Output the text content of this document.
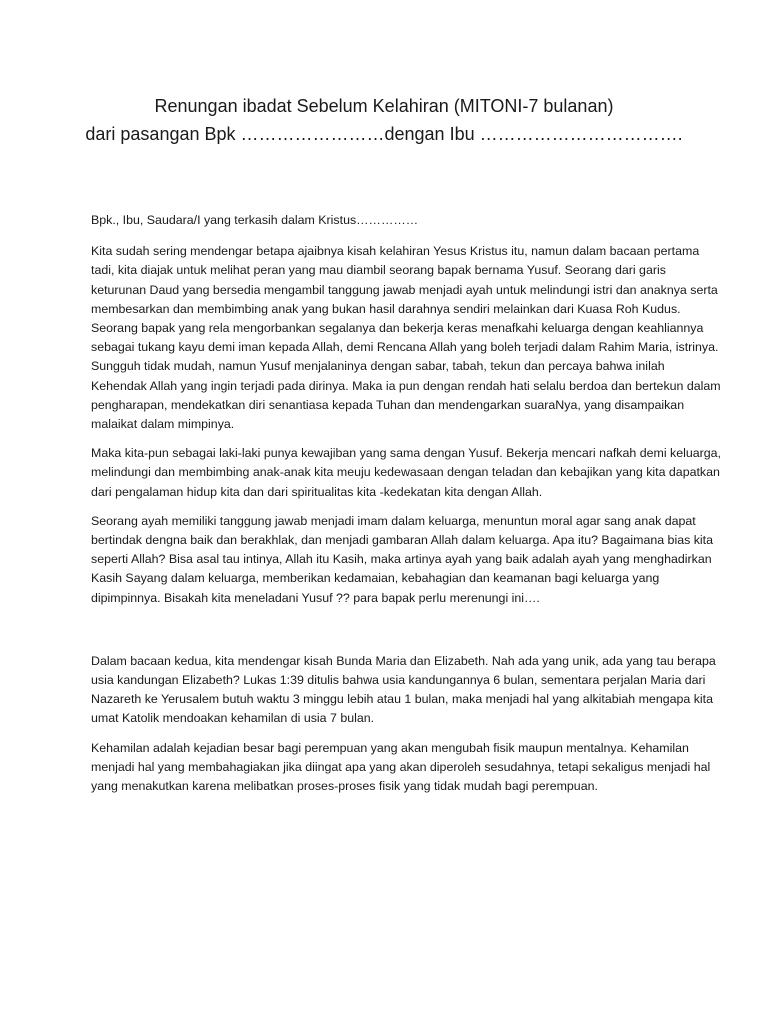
Renungan ibadat Sebelum Kelahiran (MITONI-7 bulanan)
dari pasangan Bpk ……………………dengan Ibu …………………………….

Bpk., Ibu, Saudara/I yang terkasih dalam Kristus……………

Kita sudah sering mendengar betapa ajaibnya kisah kelahiran Yesus Kristus itu, namun dalam bacaan pertama tadi, kita diajak untuk melihat peran yang mau diambil seorang bapak bernama Yusuf. Seorang dari garis keturunan Daud yang bersedia mengambil tanggung jawab menjadi ayah untuk melindungi istri dan anaknya serta membesarkan dan membimbing anak yang bukan hasil darahnya sendiri melainkan dari Kuasa Roh Kudus. Seorang bapak yang rela mengorbankan segalanya dan bekerja keras menafkahi keluarga dengan keahliannya sebagai tukang kayu demi iman kepada Allah, demi Rencana Allah yang boleh terjadi dalam Rahim Maria, istrinya. Sungguh tidak mudah, namun Yusuf menjalaninya dengan sabar, tabah, tekun dan percaya bahwa inilah Kehendak Allah yang ingin terjadi pada dirinya. Maka ia pun dengan rendah hati selalu berdoa dan bertekun dalam pengharapan, mendekatkan diri senantiasa kepada Tuhan dan mendengarkan suaraNya, yang disampaikan malaikat dalam mimpinya.

Maka kita-pun sebagai laki-laki punya kewajiban yang sama dengan Yusuf. Bekerja mencari nafkah demi keluarga, melindungi dan membimbing anak-anak kita meuju kedewasaan dengan teladan dan kebajikan yang kita dapatkan dari pengalaman hidup kita dan dari spiritualitas kita -kedekatan kita dengan Allah.

Seorang ayah memiliki tanggung jawab menjadi imam dalam keluarga, menuntun moral agar sang anak dapat bertindak dengna baik dan berakhlak, dan menjadi gambaran Allah dalam keluarga. Apa itu? Bagaimana bias kita seperti Allah? Bisa asal tau intinya, Allah itu Kasih, maka artinya ayah yang baik adalah ayah yang menghadirkan Kasih Sayang dalam keluarga, memberikan kedamaian, kebahagian dan keamanan bagi keluarga yang dipimpinnya. Bisakah kita meneladani Yusuf ?? para bapak perlu merenungi ini….

Dalam bacaan kedua, kita mendengar kisah Bunda Maria dan Elizabeth. Nah ada yang unik, ada yang tau berapa usia kandungan Elizabeth? Lukas 1:39 ditulis bahwa usia kandungannya 6 bulan, sementara perjalan Maria dari Nazareth ke Yerusalem butuh waktu 3 minggu lebih atau 1 bulan, maka menjadi hal yang alkitabiah mengapa kita umat Katolik mendoakan kehamilan di usia 7 bulan.

Kehamilan adalah kejadian besar bagi perempuan yang akan mengubah fisik maupun mentalnya. Kehamilan menjadi hal yang membahagiakan jika diingat apa yang akan diperoleh sesudahnya, tetapi sekaligus menjadi hal yang menakutkan karena melibatkan proses-proses fisik yang tidak mudah bagi perempuan.
